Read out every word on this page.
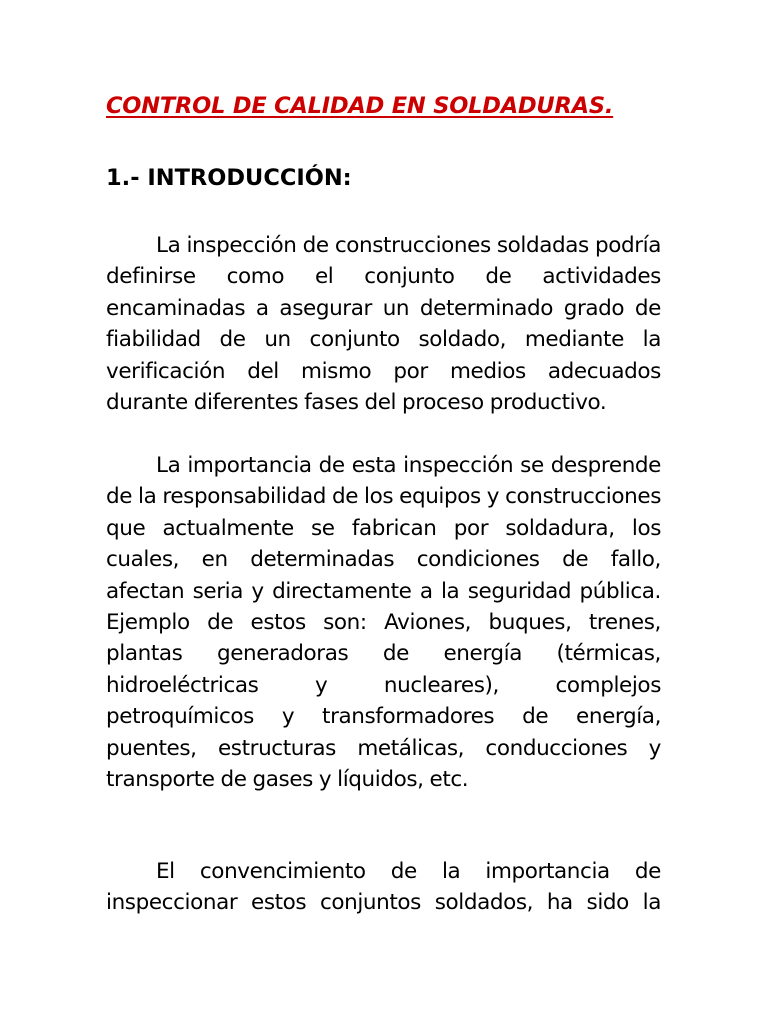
CONTROL DE CALIDAD EN SOLDADURAS.
1.- INTRODUCCIÓN:

La inspección de construcciones soldadas podría definirse como el conjunto de actividades encaminadas a asegurar un determinado grado de fiabilidad de un conjunto soldado, mediante la verificación del mismo por medios adecuados durante diferentes fases del proceso productivo.

La importancia de esta inspección se desprende de la responsabilidad de los equipos y construcciones que actualmente se fabrican por soldadura, los cuales, en determinadas condiciones de fallo, afectan seria y directamente a la seguridad pública. Ejemplo de estos son: Aviones, buques, trenes, plantas generadoras de energía (térmicas, hidroeléctricas y nucleares), complejos petroquímicos y transformadores de energía, puentes, estructuras metálicas, conducciones y transporte de gases y líquidos, etc.

El convencimiento de la importancia de inspeccionar estos conjuntos soldados, ha sido la
